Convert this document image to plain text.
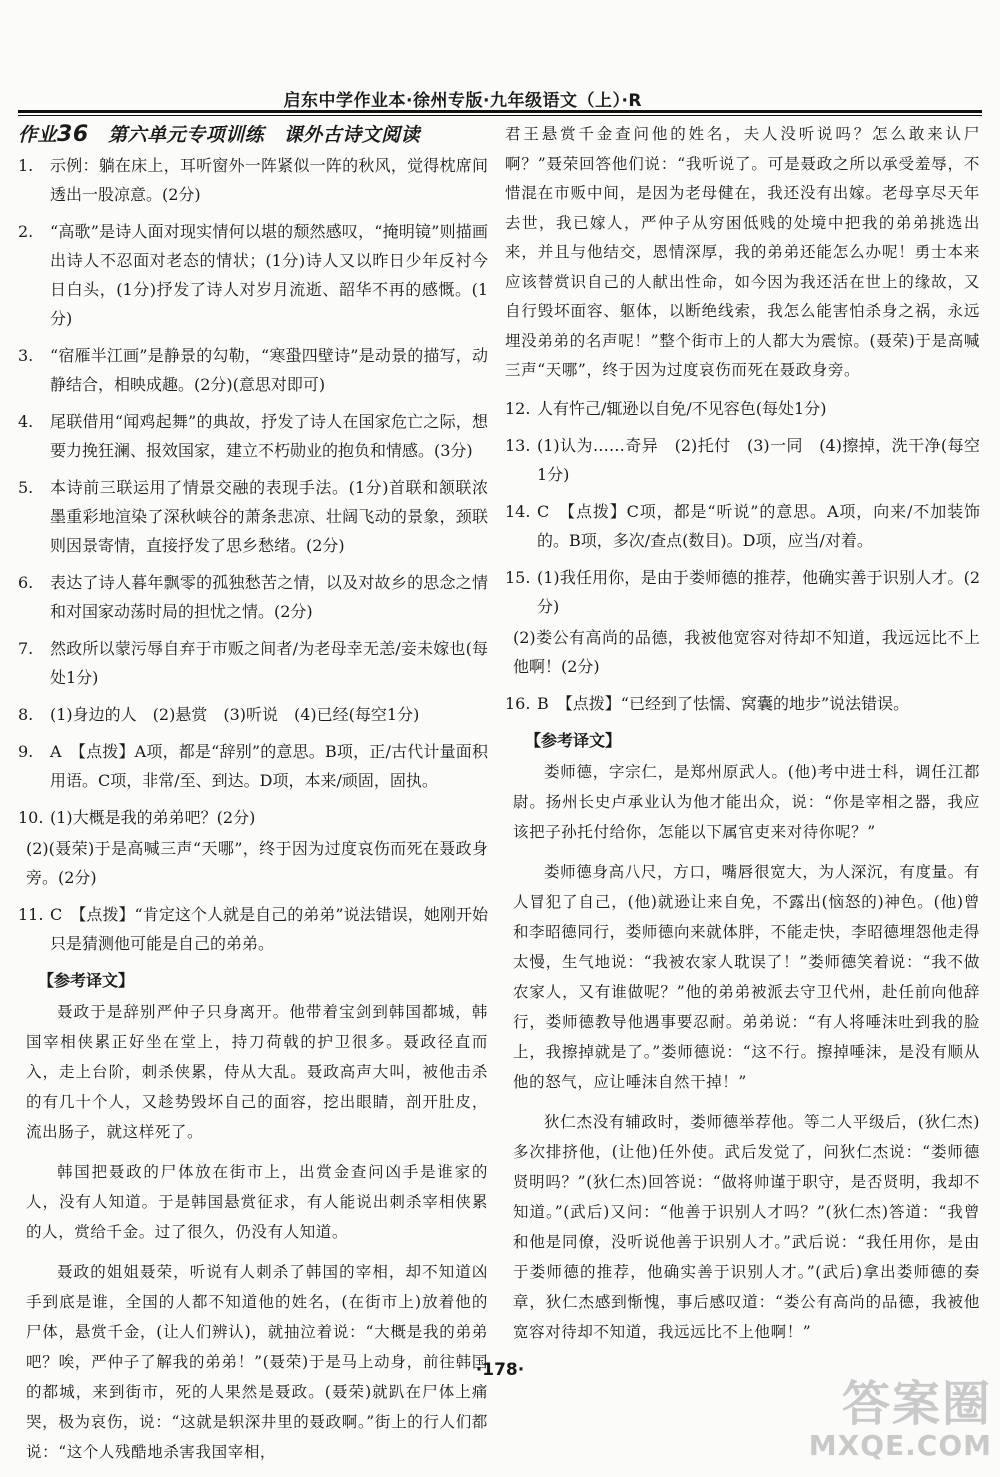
启东中学作业本·徐州专版·九年级语文（上）·R
作业36　 第六单元专项训练　课外古诗文阅读
1.	示例：躺在床上，耳听窗外一阵紧似一阵的秋风，觉得枕席间透出一股凉意。(2分)
2.	“高歌”是诗人面对现实情何以堪的颓然感叹，“掩明镜”则描画出诗人不忍面对老态的情状；(1分)诗人又以昨日少年反衬今日白头，(1分)抒发了诗人对岁月流逝、韶华不再的感慨。(1分)
3.	“宿雁半江画”是静景的勾勒，“寒蛩四壁诗”是动景的描写，动静结合，相映成趣。(2分)(意思对即可)
4.	尾联借用“闻鸡起舞”的典故，抒发了诗人在国家危亡之际，想要力挽狂澜、报效国家，建立不朽勋业的抱负和情感。(3分)
5.	本诗前三联运用了情景交融的表现手法。(1分)首联和颔联浓墨重彩地渲染了深秋峡谷的萧条悲凉、壮阔飞动的景象，颈联则因景寄情，直接抒发了思乡愁绪。(2分)
6.	表达了诗人暮年飘零的孤独愁苦之情，以及对故乡的思念之情和对国家动荡时局的担忧之情。(2分)
7.	然政所以蒙污辱自弃于市贩之间者/为老母幸无恙/妾未嫁也(每处1分)
8.	(1)身边的人　(2)悬赏　(3)听说　(4)已经(每空1分)
9.	A　【点拨】A项，都是“辞别”的意思。B项，正/古代计量面积用语。C项，非常/至、到达。D项，本来/顽固，固执。
10. (1)大概是我的弟弟吧？(2分)
(2)(聂荣)于是高喊三声“天哪”，终于因为过度哀伤而死在聂政身旁。(2分)
11. C　【点拨】“肯定这个人就是自己的弟弟”说法错误，她刚开始只是猜测他可能是自己的弟弟。
【参考译文】
聂政于是辞别严仲子只身离开。他带着宝剑到韩国都城，韩国宰相侠累正好坐在堂上，持刀荷戟的护卫很多。聂政径直而入，走上台阶，刺杀侠累，侍从大乱。聂政高声大叫，被他击杀的有几十个人，又趁势毁坏自己的面容，挖出眼睛，剖开肚皮，流出肠子，就这样死了。
韩国把聂政的尸体放在街市上，出赏金查问凶手是谁家的人，没有人知道。于是韩国悬赏征求，有人能说出刺杀宰相侠累的人，赏给千金。过了很久，仍没有人知道。
聂政的姐姐聂荣，听说有人刺杀了韩国的宰相，却不知道凶手到底是谁，全国的人都不知道他的姓名，(在街市上)放着他的尸体，悬赏千金，(让人们辨认)，就抽泣着说：“大概是我的弟弟吧？唉，严仲子了解我的弟弟！”(聂荣)于是马上动身，前往韩国的都城，来到街市，死的人果然是聂政。(聂荣)就趴在尸体上痛哭，极为哀伤，说：“这就是轵深井里的聂政啊。”街上的行人们都说：“这个人残酷地杀害我国宰相，
君王悬赏千金查问他的姓名，夫人没听说吗？怎么敢来认尸啊？”聂荣回答他们说：“我听说了。可是聂政之所以承受羞辱，不惜混在市贩中间，是因为老母健在，我还没有出嫁。老母享尽天年去世，我已嫁人，严仲子从穷困低贱的处境中把我的弟弟挑选出来，并且与他结交，恩情深厚，我的弟弟还能怎么办呢！勇士本来应该替赏识自己的人献出性命，如今因为我还活在世上的缘故，又自行毁坏面容、躯体，以断绝线索，我怎么能害怕杀身之祸，永远埋没弟弟的名声呢！”整个街市上的人都大为震惊。(聂荣)于是高喊三声“天哪”，终于因为过度哀伤而死在聂政身旁。
12. 人有忤己/辄逊以自免/不见容色(每处1分)
13. (1)认为……奇异　(2)托付　(3)一同　(4)擦掉，洗干净(每空1分)
14. C　【点拨】C项，都是“听说”的意思。A项，向来/不加装饰的。B项，多次/查点(数目)。D项，应当/对着。
15. (1)我任用你，是由于娄师德的推荐，他确实善于识别人才。(2分)
(2)娄公有高尚的品德，我被他宽容对待却不知道，我远远比不上他啊！(2分)
16. B　【点拨】“已经到了怯懦、窝囊的地步”说法错误。
【参考译文】
娄师德，字宗仁，是郑州原武人。(他)考中进士科，调任江都尉。扬州长史卢承业认为他才能出众，说：“你是宰相之器，我应该把子孙托付给你，怎能以下属官吏来对待你呢？”
娄师德身高八尺，方口，嘴唇很宽大，为人深沉，有度量。有人冒犯了自己，(他)就逊让来自免，不露出(恼怒的)神色。(他)曾和李昭德同行，娄师德向来就体胖，不能走快，李昭德埋怨他走得太慢，生气地说：“我被农家人耽误了！”娄师德笑着说：“我不做农家人，又有谁做呢？”他的弟弟被派去守卫代州，赴任前向他辞行，娄师德教导他遇事要忍耐。弟弟说：“有人将唾沫吐到我的脸上，我擦掉就是了。”娄师德说：“这不行。擦掉唾沫，是没有顺从他的怒气，应让唾沫自然干掉！”
狄仁杰没有辅政时，娄师德举荐他。等二人平级后，(狄仁杰)多次排挤他，(让他)任外使。武后发觉了，问狄仁杰说：“娄师德贤明吗？”(狄仁杰)回答说：“做将帅谨于职守，是否贤明，我却不知道。”(武后)又问：“他善于识别人才吗？”(狄仁杰)答道：“我曾和他是同僚，没听说他善于识别人才。”武后说：“我任用你，是由于娄师德的推荐，他确实善于识别人才。”(武后)拿出娄师德的奏章，狄仁杰感到惭愧，事后感叹道：“娄公有高尚的品德，我被他宽容对待却不知道，我远远比不上他啊！”
·178·
答案圈
MXQE.COM
